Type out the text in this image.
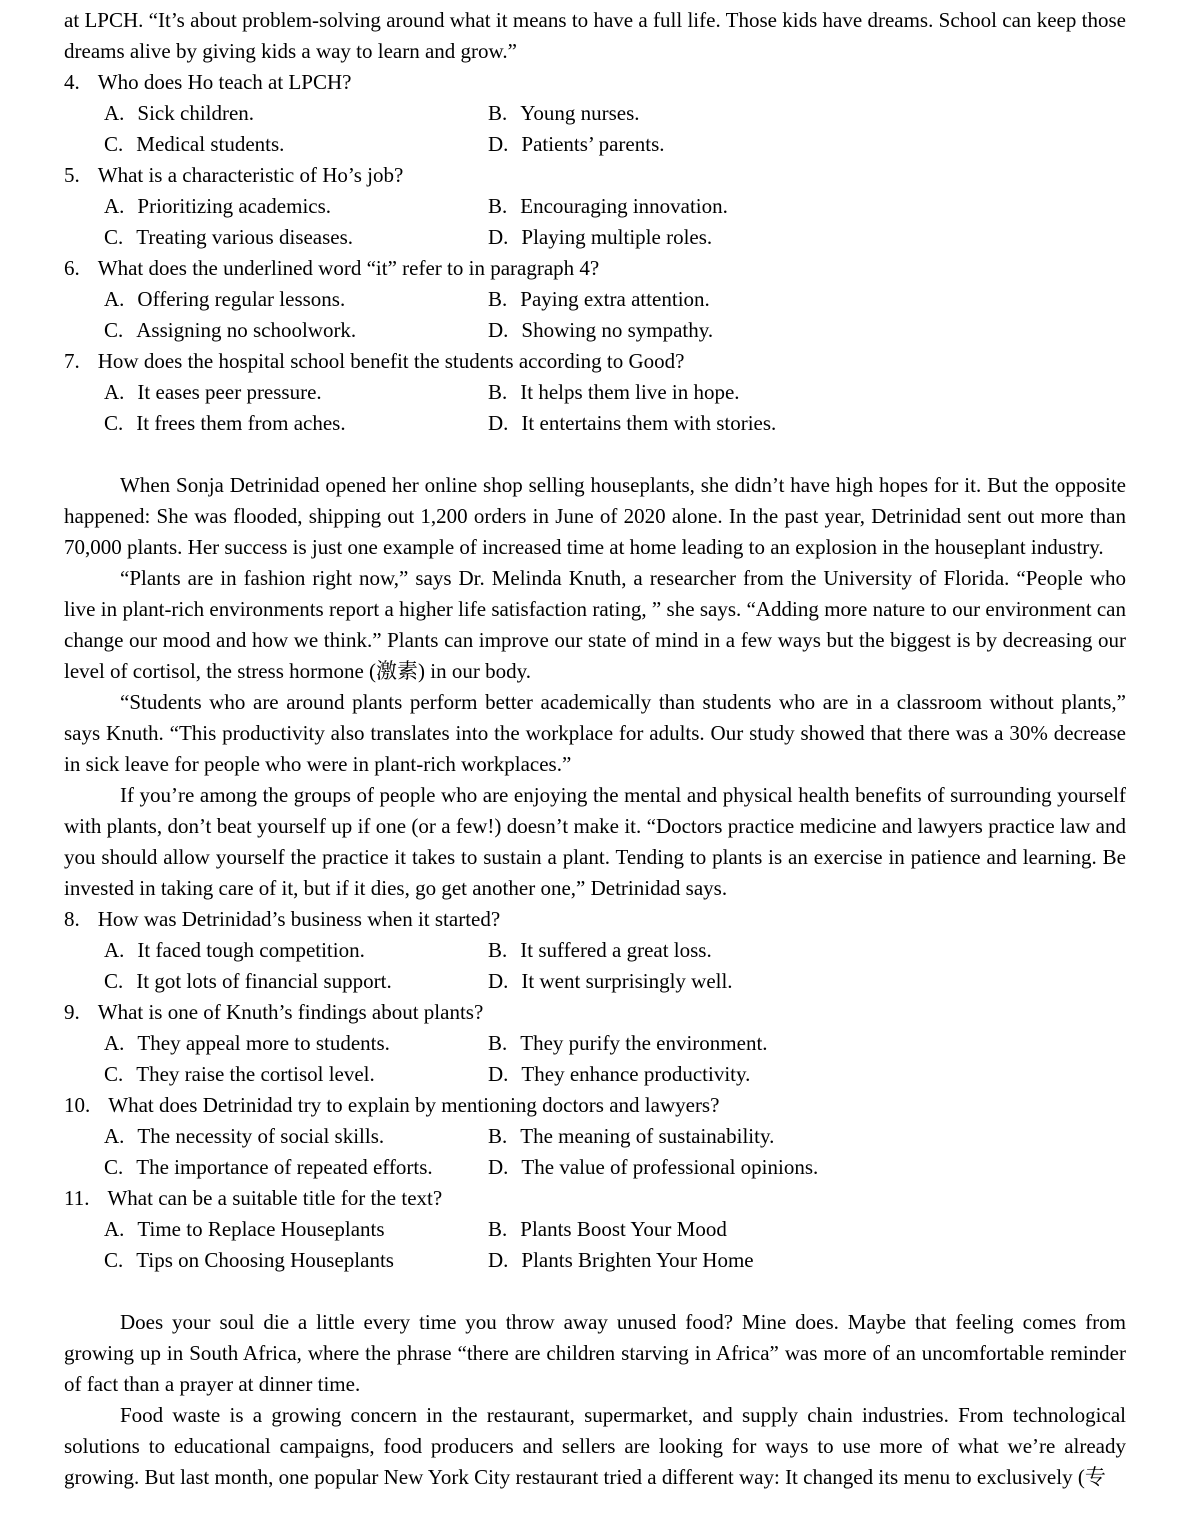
at LPCH. “It’s about problem-solving around what it means to have a full life. Those kids have dreams. School can keep those dreams alive by giving kids a way to learn and grow.”

4. Who does Ho teach at LPCH?
A. Sick children.	B. Young nurses.
C. Medical students.	D. Patients’ parents.
5. What is a characteristic of Ho’s job?
A. Prioritizing academics.	B. Encouraging innovation.
C. Treating various diseases.	D. Playing multiple roles.
6. What does the underlined word “it” refer to in paragraph 4?
A. Offering regular lessons.	B. Paying extra attention.
C. Assigning no schoolwork.	D. Showing no sympathy.
7. How does the hospital school benefit the students according to Good?
A. It eases peer pressure.	B. It helps them live in hope.
C. It frees them from aches.	D. It entertains them with stories.

When Sonja Detrinidad opened her online shop selling houseplants, she didn’t have high hopes for it. But the opposite happened: She was flooded, shipping out 1,200 orders in June of 2020 alone. In the past year, Detrinidad sent out more than 70,000 plants. Her success is just one example of increased time at home leading to an explosion in the houseplant industry.

“Plants are in fashion right now,” says Dr. Melinda Knuth, a researcher from the University of Florida. “People who live in plant-rich environments report a higher life satisfaction rating, ” she says. “Adding more nature to our environment can change our mood and how we think.” Plants can improve our state of mind in a few ways but the biggest is by decreasing our level of cortisol, the stress hormone (激素) in our body.

“Students who are around plants perform better academically than students who are in a classroom without plants,” says Knuth. “This productivity also translates into the workplace for adults. Our study showed that there was a 30% decrease in sick leave for people who were in plant-rich workplaces.”

If you’re among the groups of people who are enjoying the mental and physical health benefits of surrounding yourself with plants, don’t beat yourself up if one (or a few!) doesn’t make it. “Doctors practice medicine and lawyers practice law and you should allow yourself the practice it takes to sustain a plant. Tending to plants is an exercise in patience and learning. Be invested in taking care of it, but if it dies, go get another one,” Detrinidad says.

8. How was Detrinidad’s business when it started?
A. It faced tough competition.	B. It suffered a great loss.
C. It got lots of financial support.	D. It went surprisingly well.
9. What is one of Knuth’s findings about plants?
A. They appeal more to students.	B. They purify the environment.
C. They raise the cortisol level.	D. They enhance productivity.
10. What does Detrinidad try to explain by mentioning doctors and lawyers?
A. The necessity of social skills.	B. The meaning of sustainability.
C. The importance of repeated efforts.	D. The value of professional opinions.
11. What can be a suitable title for the text?
A. Time to Replace Houseplants	B. Plants Boost Your Mood
C. Tips on Choosing Houseplants	D. Plants Brighten Your Home

Does your soul die a little every time you throw away unused food? Mine does. Maybe that feeling comes from growing up in South Africa, where the phrase “there are children starving in Africa” was more of an uncomfortable reminder of fact than a prayer at dinner time.

Food waste is a growing concern in the restaurant, supermarket, and supply chain industries. From technological solutions to educational campaigns, food producers and sellers are looking for ways to use more of what we’re already growing. But last month, one popular New York City restaurant tried a different way: It changed its menu to exclusively (专
